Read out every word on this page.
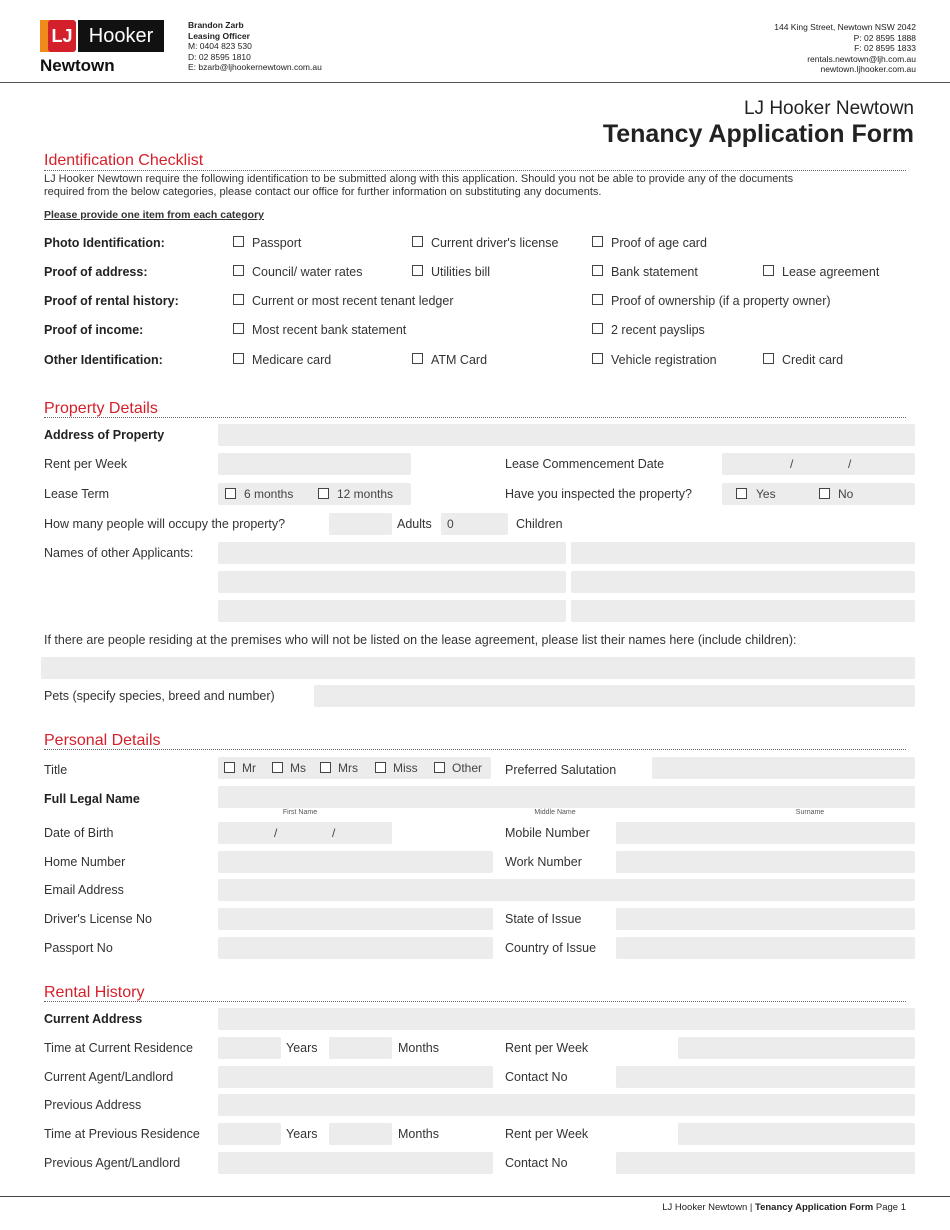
LJ Hooker
Newtown
Brandon Zarb
Leasing Officer
M: 0404 823 530
D: 02 8595 1810
E: bzarb@ljhookernewtown.com.au
144 King Street, Newtown NSW 2042
P: 02 8595 1888
F: 02 8595 1833
rentals.newtown@ljh.com.au
newtown.ljhooker.com.au
LJ Hooker Newtown
Tenancy Application Form
Identification Checklist
LJ Hooker Newtown require the following identification to be submitted along with this application. Should you not be able to provide any of the documents
required from the below categories, please contact our office for further information on substituting any documents.
Please provide one item from each category
Photo Identification:	Passport	Current driver's license	Proof of age card
Proof of address:	Council/ water rates	Utilities bill	Bank statement	Lease agreement
Proof of rental history:	Current or most recent tenant ledger	Proof of ownership (if a property owner)
Proof of income:	Most recent bank statement	2 recent payslips
Other Identification:	Medicare card	ATM Card	Vehicle registration	Credit card
Property Details
Address of Property
Rent per Week	Lease Commencement Date	/	/
Lease Term	6 months	12 months	Have you inspected the property?	Yes	No
How many people will occupy the property?	Adults 0	Children
Names of other Applicants:
If there are people residing at the premises who will not be listed on the lease agreement, please list their names here (include children):
Pets (specify species, breed and number)
Personal Details
Title	Mr	Ms	Mrs	Miss	Other Preferred Salutation
Full Legal Name
First Name	Middle Name	Surname
Date of Birth	/	/	Mobile Number
Home Number	Work Number
Email Address
Driver's License No	State of Issue
Passport No	Country of Issue
Rental History
Current Address
Time at Current Residence	Years	Months	Rent per Week
Current Agent/Landlord	Contact No
Previous Address
Time at Previous Residence	Years	Months	Rent per Week
Previous Agent/Landlord	Contact No
LJ Hooker Newtown | Tenancy Application Form Page 1
